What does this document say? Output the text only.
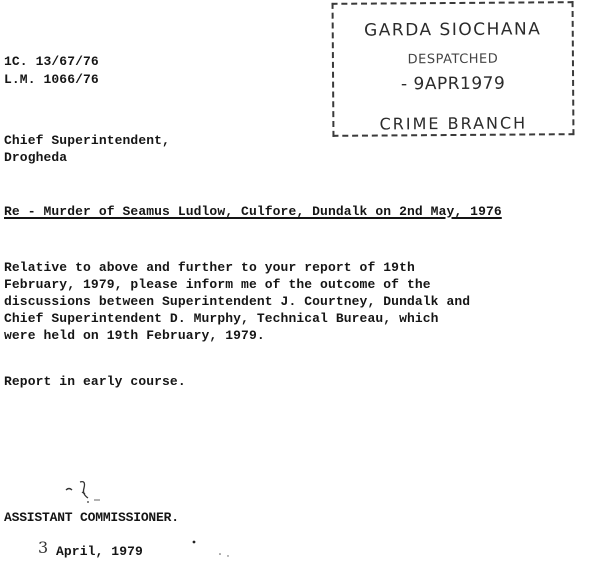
GARDA SIOCHANA
DESPATCHED
- 9APR1979
CRIME BRANCH
1C. 13/67/76
L.M. 1066/76
Chief Superintendent,
Drogheda
Re - Murder of Seamus Ludlow, Culfore, Dundalk on 2nd May, 1976
Relative to above and further to your report of 19th
February, 1979, please inform me of the outcome of the
discussions between Superintendent J. Courtney, Dundalk and
Chief Superintendent D. Murphy, Technical Bureau, which
were held on 19th February, 1979.
Report in early course.
ASSISTANT COMMISSIONER.
3 April, 1979
